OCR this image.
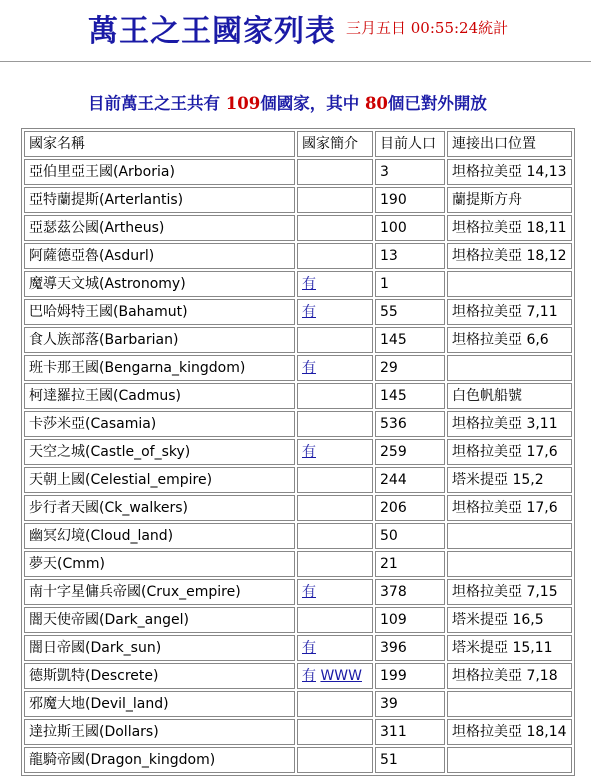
萬王之王國家列表 三月五日 00:55:24統計
目前萬王之王共有 109個國家，其中 80個已對外開放
國家名稱	國家簡介	目前人口	連接出口位置
亞伯里亞王國(Arboria)		3	坦格拉美亞 14,13
亞特蘭提斯(Arterlantis)		190	蘭提斯方舟
亞瑟茲公國(Artheus)		100	坦格拉美亞 18,11
阿薩德亞魯(Asdurl)		13	坦格拉美亞 18,12
魔導天文城(Astronomy)	有	1	
巴哈姆特王國(Bahamut)	有	55	坦格拉美亞 7,11
食人族部落(Barbarian)		145	坦格拉美亞 6,6
班卡那王國(Bengarna_kingdom)	有	29	
柯達羅拉王國(Cadmus)		145	白色帆船號
卡莎米亞(Casamia)		536	坦格拉美亞 3,11
天空之城(Castle_of_sky)	有	259	坦格拉美亞 17,6
天朝上國(Celestial_empire)		244	塔米提亞 15,2
步行者天國(Ck_walkers)		206	坦格拉美亞 17,6
幽冥幻境(Cloud_land)		50	
夢天(Cmm)		21	
南十字星傭兵帝國(Crux_empire)	有	378	坦格拉美亞 7,15
闇天使帝國(Dark_angel)		109	塔米提亞 16,5
闇日帝國(Dark_sun)	有	396	塔米提亞 15,11
德斯凱特(Descrete)	有 WWW	199	坦格拉美亞 7,18
邪魔大地(Devil_land)		39	
達拉斯王國(Dollars)		311	坦格拉美亞 18,14
龍騎帝國(Dragon_kingdom)		51	
